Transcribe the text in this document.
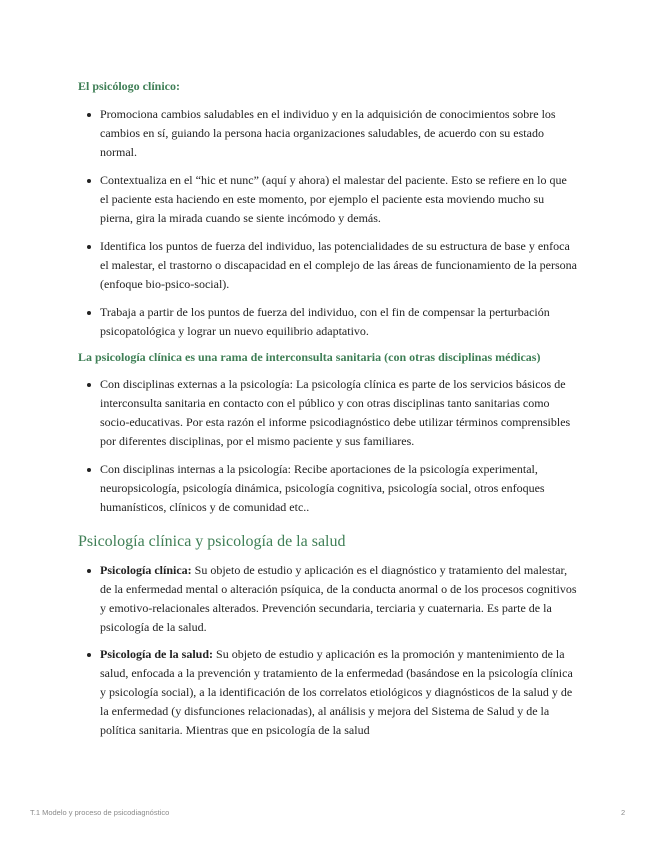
El psicólogo clínico:
Promociona cambios saludables en el individuo y en la adquisición de conocimientos sobre los cambios en sí, guiando la persona hacia organizaciones saludables, de acuerdo con su estado normal.
Contextualiza en el “hic et nunc” (aquí y ahora) el malestar del paciente. Esto se refiere en lo que el paciente esta haciendo en este momento, por ejemplo el paciente esta moviendo mucho su pierna, gira la mirada cuando se siente incómodo y demás.
Identifica los puntos de fuerza del individuo, las potencialidades de su estructura de base y enfoca el malestar, el trastorno o discapacidad en el complejo de las áreas de funcionamiento de la persona (enfoque bio-psico-social).
Trabaja a partir de los puntos de fuerza del individuo, con el fin de compensar la perturbación psicopatológica y lograr un nuevo equilibrio adaptativo.
La psicología clínica es una rama de interconsulta sanitaria (con otras disciplinas médicas)
Con disciplinas externas a la psicología: La psicología clínica es parte de los servicios básicos de interconsulta sanitaria en contacto con el público y con otras disciplinas tanto sanitarias como socio-educativas. Por esta razón el informe psicodiagnóstico debe utilizar términos comprensibles por diferentes disciplinas, por el mismo paciente y sus familiares.
Con disciplinas internas a la psicología: Recibe aportaciones de la psicología experimental, neuropsicología, psicología dinámica, psicología cognitiva, psicología social, otros enfoques humanísticos, clínicos y de comunidad etc..
Psicología clínica y psicología de la salud
Psicología clínica: Su objeto de estudio y aplicación es el diagnóstico y tratamiento del malestar, de la enfermedad mental o alteración psíquica, de la conducta anormal o de los procesos cognitivos y emotivo-relacionales alterados. Prevención secundaria, terciaria y cuaternaria. Es parte de la psicología de la salud.
Psicología de la salud: Su objeto de estudio y aplicación es la promoción y mantenimiento de la salud, enfocada a la prevención y tratamiento de la enfermedad (basándose en la psicología clínica y psicología social), a la identificación de los correlatos etiológicos y diagnósticos de la salud y de la enfermedad (y disfunciones relacionadas), al análisis y mejora del Sistema de Salud y de la política sanitaria. Mientras que en psicología de la salud
T.1 Modelo y proceso de psicodiagnóstico	2
